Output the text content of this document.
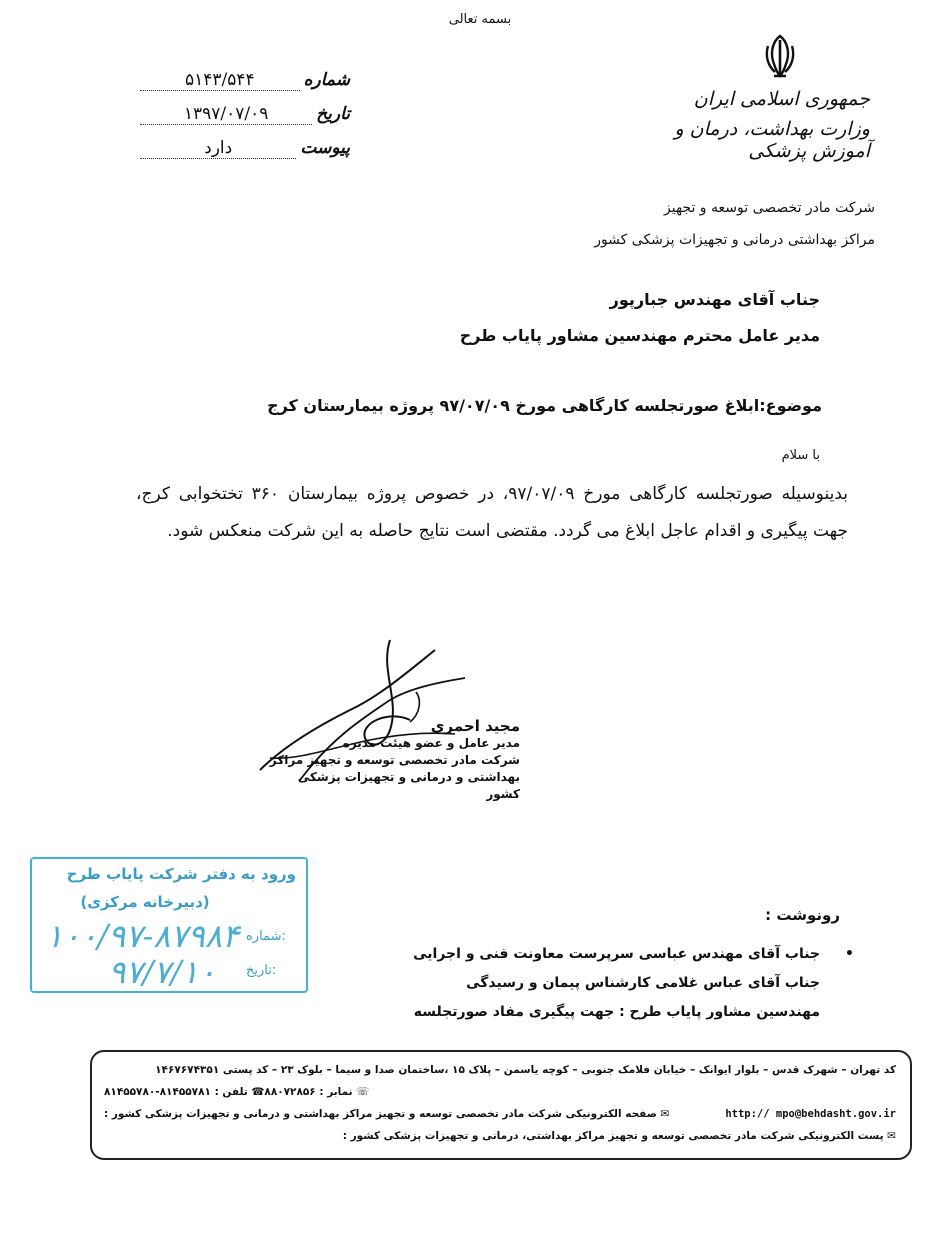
بسمه تعالی
جمهوری اسلامی ایران
وزارت بهداشت، درمان و آموزش پزشکی
شماره
۵۱۴۳/۵۴۴
تاریخ
۱۳۹۷/۰۷/۰۹
پیوست
دارد
شرکت مادر تخصصی توسعه و تجهیز
مراکز بهداشتی درمانی و تجهیزات پزشکی کشور
جناب آقای مهندس جبارپور
مدیر عامل محترم مهندسین مشاور پایاب طرح
موضوع:ابلاغ صورتجلسه کارگاهی مورخ ۹۷/۰۷/۰۹ پروژه بیمارستان کرج
با سلام
بدینوسیله صورتجلسه کارگاهی مورخ ۹۷/۰۷/۰۹، در خصوص پروژه بیمارستان ۳۶۰ تختخوابی کرج، جهت پیگیری و اقدام عاجل ابلاغ می گردد. مقتضی است نتایج حاصله به این شرکت منعکس شود.
مجید احمری
مدیر عامل و عضو هیئت مدیره
شرکت مادر تخصصی توسعه و تجهیز مراکز
بهداشتی و درمانی و تجهیزات پزشکی کشور
ورود به دفتر شرکت پایاب طرح
(دبیرخانه مرکزی)
شماره:
۱۰۰/۹۷-۸۷۹۸۴
تاریخ:
۹۷/۷/۱۰
رونوشت :
•
جناب آقای مهندس عباسی سرپرست معاونت فنی و اجرایی
جناب آقای عباس غلامی کارشناس پیمان و رسیدگی
مهندسین مشاور پایاب طرح : جهت پیگیری مفاد صورتجلسه
کد تهران – شهرک قدس – بلوار ایوانک – خیابان فلامک جنوبی – کوچه یاسمن – پلاک ۱۵ ،ساختمان صدا و سیما – بلوک ۲۳ – کد پستی ۱۴۶۷۶۷۴۳۵۱
☎ تلفن : ۸۱۴۵۵۷۸۱-۸۱۴۵۵۷۸۰	☏ نمابر : ۸۸۰۷۲۸۵۶
✉ صفحه الکترونیکی شرکت مادر تخصصی توسعه و تجهیز مراکز بهداشتی و درمانی و تجهیزات پزشکی کشور :	http:// mpo@behdasht.gov.ir
✉ پست الکترونیکی شرکت مادر تخصصی توسعه و تجهیز مراکز بهداشتی، درمانی و تجهیزات پزشکی کشور :
